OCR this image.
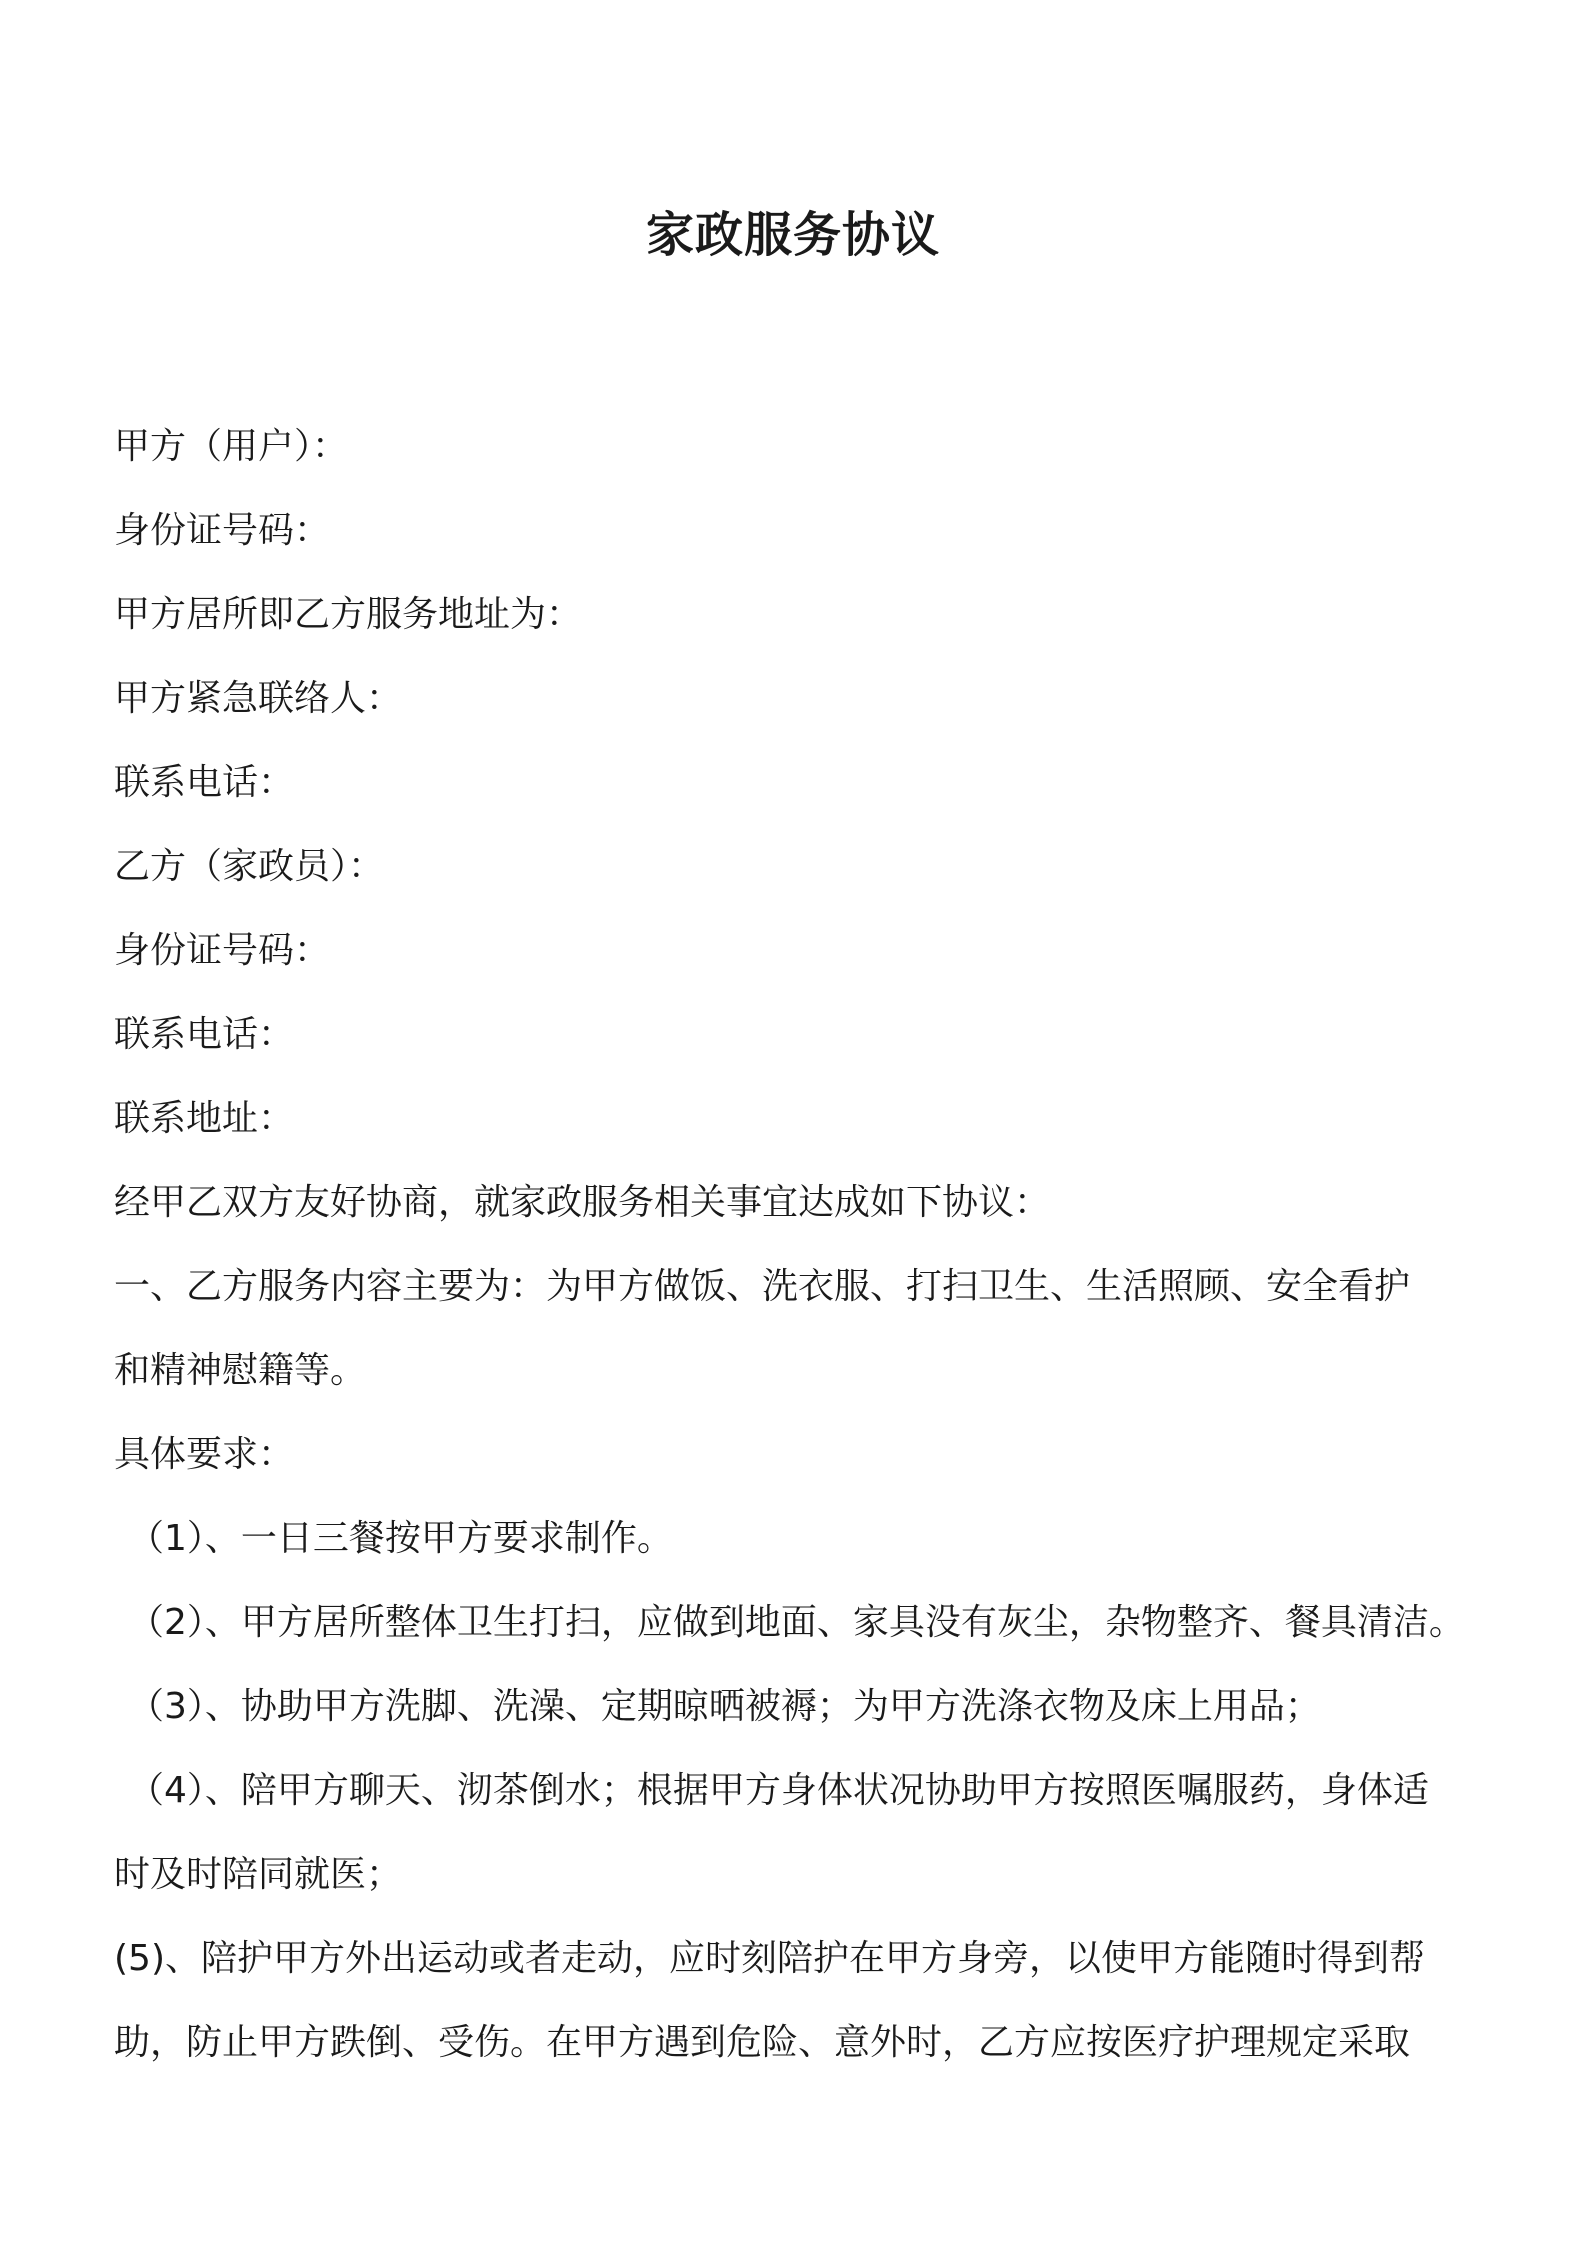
家政服务协议
甲方（用户）：
身份证号码：
甲方居所即乙方服务地址为：
甲方紧急联络人：
联系电话：
乙方（家政员）：
身份证号码：
联系电话：
联系地址：
经甲乙双方友好协商，就家政服务相关事宜达成如下协议：
一、乙方服务内容主要为：为甲方做饭、洗衣服、打扫卫生、生活照顾、安全看护
和精神慰籍等。
具体要求：
（1）、一日三餐按甲方要求制作。
（2）、甲方居所整体卫生打扫，应做到地面、家具没有灰尘，杂物整齐、餐具清洁。
（3）、协助甲方洗脚、洗澡、定期晾晒被褥；为甲方洗涤衣物及床上用品；
（4）、陪甲方聊天、沏茶倒水；根据甲方身体状况协助甲方按照医嘱服药，身体适
时及时陪同就医；
(5)、陪护甲方外出运动或者走动，应时刻陪护在甲方身旁，以使甲方能随时得到帮
助，防止甲方跌倒、受伤。在甲方遇到危险、意外时，乙方应按医疗护理规定采取
